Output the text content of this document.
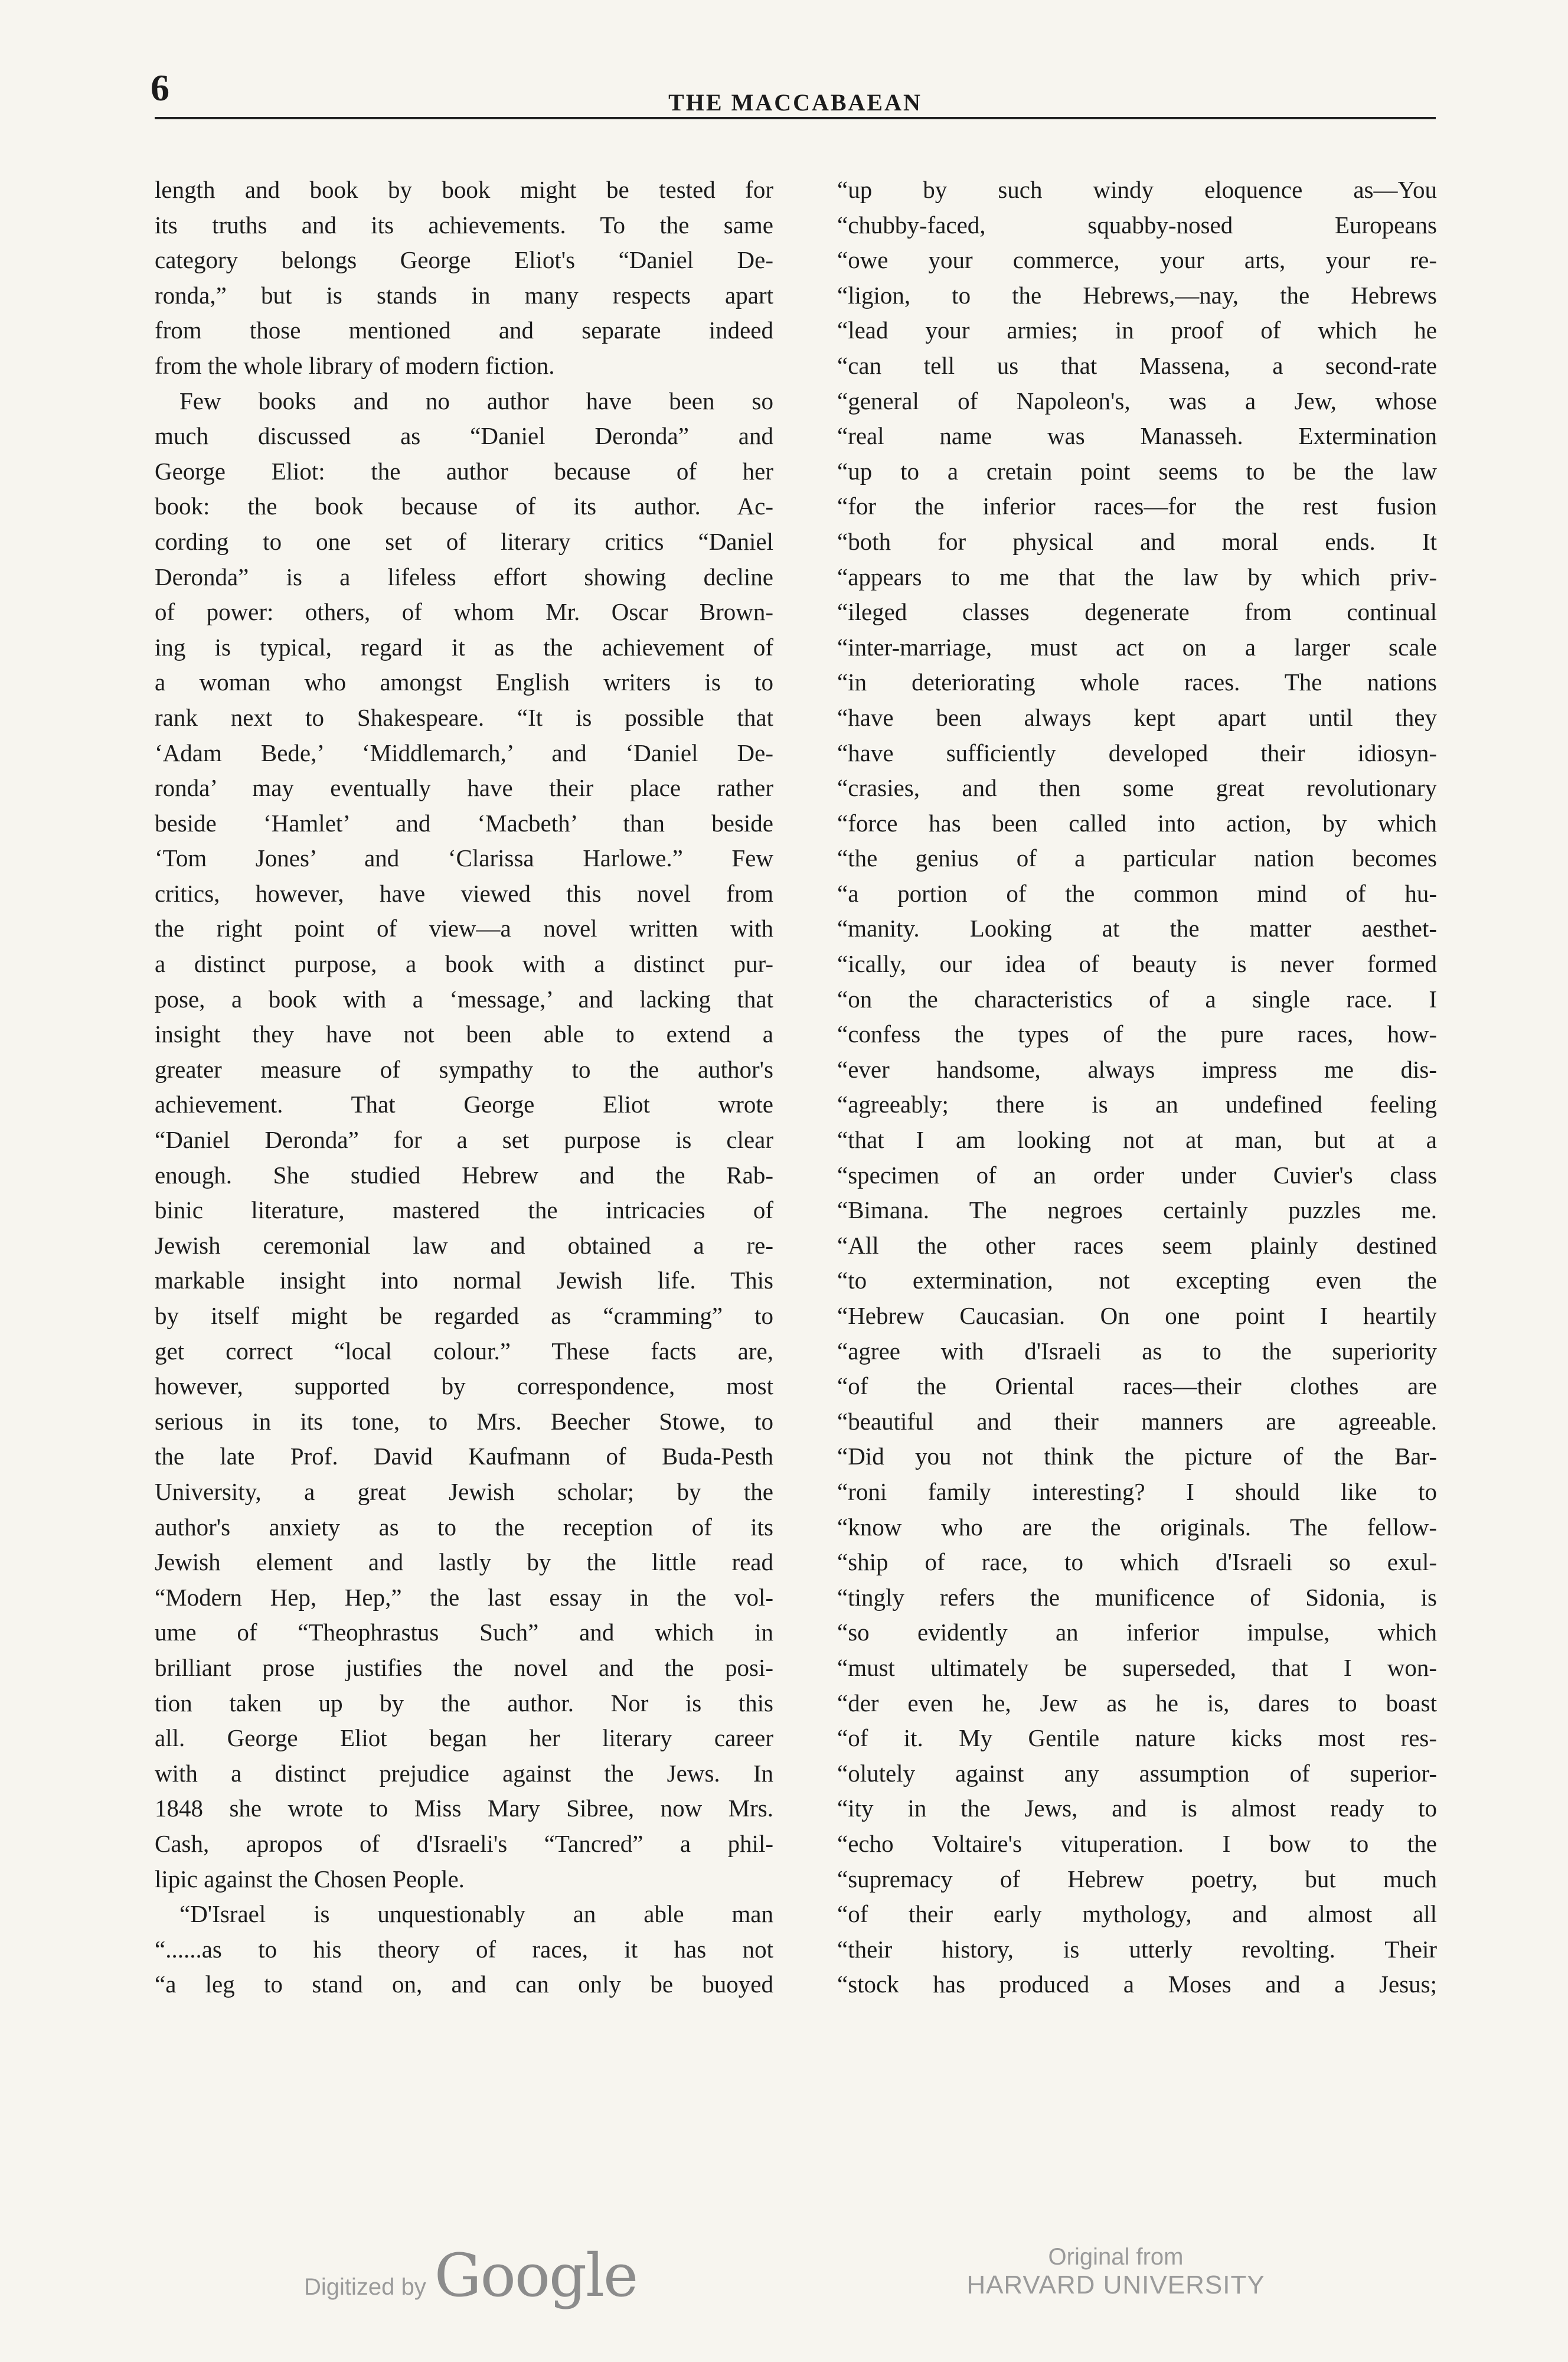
6	THE MACCABAEAN
length and book by book might be tested for
its truths and its achievements. To the same
category belongs George Eliot's “Daniel De-
ronda,” but is stands in many respects apart
from those mentioned and separate indeed
from the whole library of modern fiction.
Few books and no author have been so
much discussed as “Daniel Deronda” and
George Eliot: the author because of her
book: the book because of its author. Ac-
cording to one set of literary critics “Daniel
Deronda” is a lifeless effort showing decline
of power: others, of whom Mr. Oscar Brown-
ing is typical, regard it as the achievement of
a woman who amongst English writers is to
rank next to Shakespeare. “It is possible that
‘Adam Bede,’ ‘Middlemarch,’ and ‘Daniel De-
ronda’ may eventually have their place rather
beside ‘Hamlet’ and ‘Macbeth’ than beside
‘Tom Jones’ and ‘Clarissa Harlowe.” Few
critics, however, have viewed this novel from
the right point of view—a novel written with
a distinct purpose, a book with a distinct pur-
pose, a book with a ‘message,’ and lacking that
insight they have not been able to extend a
greater measure of sympathy to the author's
achievement. That George Eliot wrote
“Daniel Deronda” for a set purpose is clear
enough. She studied Hebrew and the Rab-
binic literature, mastered the intricacies of
Jewish ceremonial law and obtained a re-
markable insight into normal Jewish life. This
by itself might be regarded as “cramming” to
get correct “local colour.” These facts are,
however, supported by correspondence, most
serious in its tone, to Mrs. Beecher Stowe, to
the late Prof. David Kaufmann of Buda-Pesth
University, a great Jewish scholar; by the
author's anxiety as to the reception of its
Jewish element and lastly by the little read
“Modern Hep, Hep,” the last essay in the vol-
ume of “Theophrastus Such” and which in
brilliant prose justifies the novel and the posi-
tion taken up by the author. Nor is this
all. George Eliot began her literary career
with a distinct prejudice against the Jews. In
1848 she wrote to Miss Mary Sibree, now Mrs.
Cash, apropos of d'Israeli's “Tancred” a phil-
lipic against the Chosen People.
“D'Israel is unquestionably an able man
“......as to his theory of races, it has not
“a leg to stand on, and can only be buoyed
“up by such windy eloquence as—You
“chubby-faced, squabby-nosed Europeans
“owe your commerce, your arts, your re-
“ligion, to the Hebrews,—nay, the Hebrews
“lead your armies; in proof of which he
“can tell us that Massena, a second-rate
“general of Napoleon's, was a Jew, whose
“real name was Manasseh. Extermination
“up to a cretain point seems to be the law
“for the inferior races—for the rest fusion
“both for physical and moral ends. It
“appears to me that the law by which priv-
“ileged classes degenerate from continual
“inter-marriage, must act on a larger scale
“in deteriorating whole races. The nations
“have been always kept apart until they
“have sufficiently developed their idiosyn-
“crasies, and then some great revolutionary
“force has been called into action, by which
“the genius of a particular nation becomes
“a portion of the common mind of hu-
“manity. Looking at the matter aesthet-
“ically, our idea of beauty is never formed
“on the characteristics of a single race. I
“confess the types of the pure races, how-
“ever handsome, always impress me dis-
“agreeably; there is an undefined feeling
“that I am looking not at man, but at a
“specimen of an order under Cuvier's class
“Bimana. The negroes certainly puzzles me.
“All the other races seem plainly destined
“to extermination, not excepting even the
“Hebrew Caucasian. On one point I heartily
“agree with d'Israeli as to the superiority
“of the Oriental races—their clothes are
“beautiful and their manners are agreeable.
“Did you not think the picture of the Bar-
“roni family interesting? I should like to
“know who are the originals. The fellow-
“ship of race, to which d'Israeli so exul-
“tingly refers the munificence of Sidonia, is
“so evidently an inferior impulse, which
“must ultimately be superseded, that I won-
“der even he, Jew as he is, dares to boast
“of it. My Gentile nature kicks most res-
“olutely against any assumption of superior-
“ity in the Jews, and is almost ready to
“echo Voltaire's vituperation. I bow to the
“supremacy of Hebrew poetry, but much
“of their early mythology, and almost all
“their history, is utterly revolting. Their
“stock has produced a Moses and a Jesus;
Digitized by Google	Original from
HARVARD UNIVERSITY
